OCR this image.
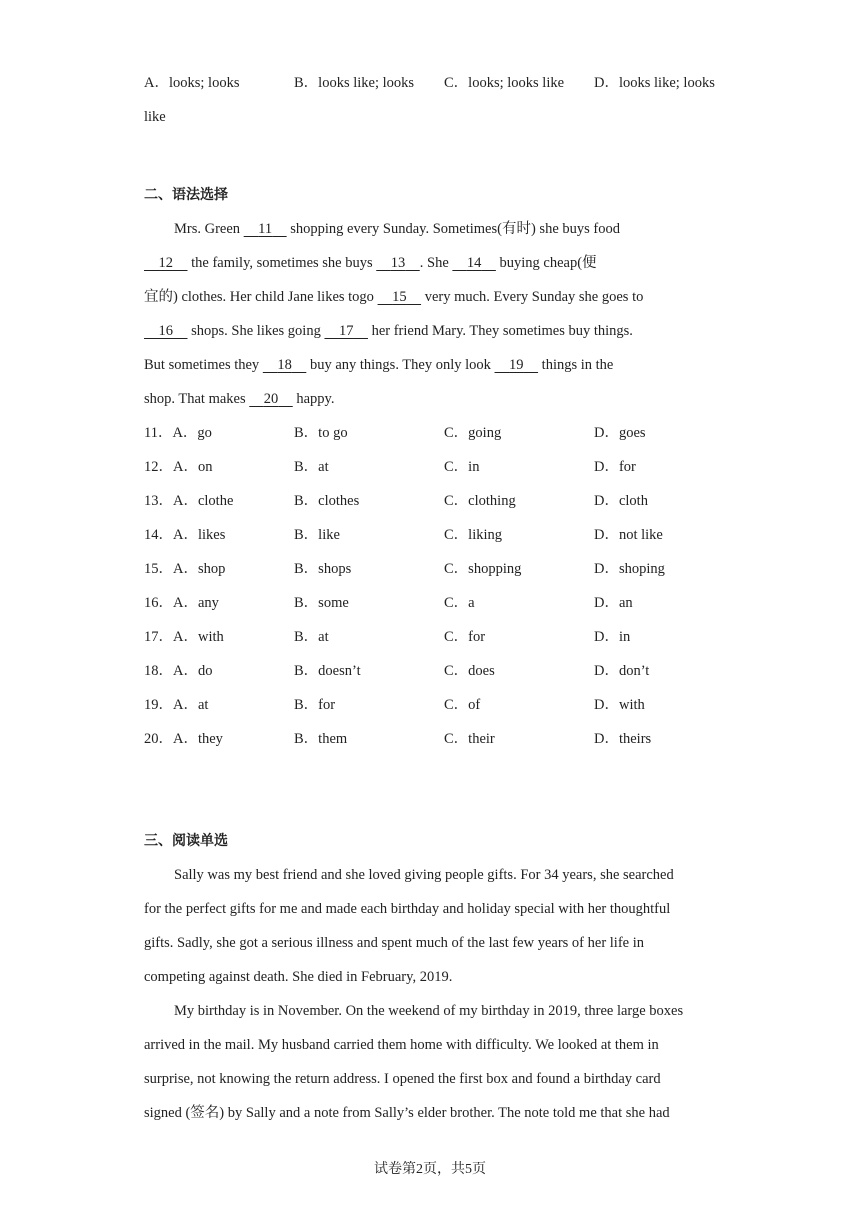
A．looks; looks	B．looks like; looks C．looks; looks like D．looks like; looks
like
二、语法选择
Mrs. Green     11     shopping every Sunday. Sometimes(有时) she buys food
12     the family, sometimes she buys     13 . She     14     buying cheap(便
宜的) clothes. Her child Jane likes togo     15     very much. Every Sunday she goes to
16     shops. She likes going     17     her friend Mary. They sometimes buy things.
But sometimes they     18     buy any things. They only look     19     things in the
shop. That makes     20     happy.
11．A．go	B．to go	C．going	D．goes
12．A．on	B．at	C．in	D．for
13．A．clothe	B．clothes	C．clothing	D．cloth
14．A．likes	B．like	C．liking	D．not like
15．A．shop	B．shops	C．shopping	D．shoping
16．A．any	B．some	C．a	D．an
17．A．with	B．at	C．for	D．in
18．A．do	B．doesn’t	C．does	D．don’t
19．A．at	B．for	C．of	D．with
20．A．they	B．them	C．their	D．theirs
三、阅读单选
Sally was my best friend and she loved giving people gifts. For 34 years, she searched
for the perfect gifts for me and made each birthday and holiday special with her thoughtful
gifts. Sadly, she got a serious illness and spent much of the last few years of her life in
competing against death. She died in February, 2019.
My birthday is in November. On the weekend of my birthday in 2019, three large boxes
arrived in the mail. My husband carried them home with difficulty. We looked at them in
surprise, not knowing the return address. I opened the first box and found a birthday card
signed (签名) by Sally and a note from Sally’s elder brother. The note told me that she had
试卷第2页，共5页
